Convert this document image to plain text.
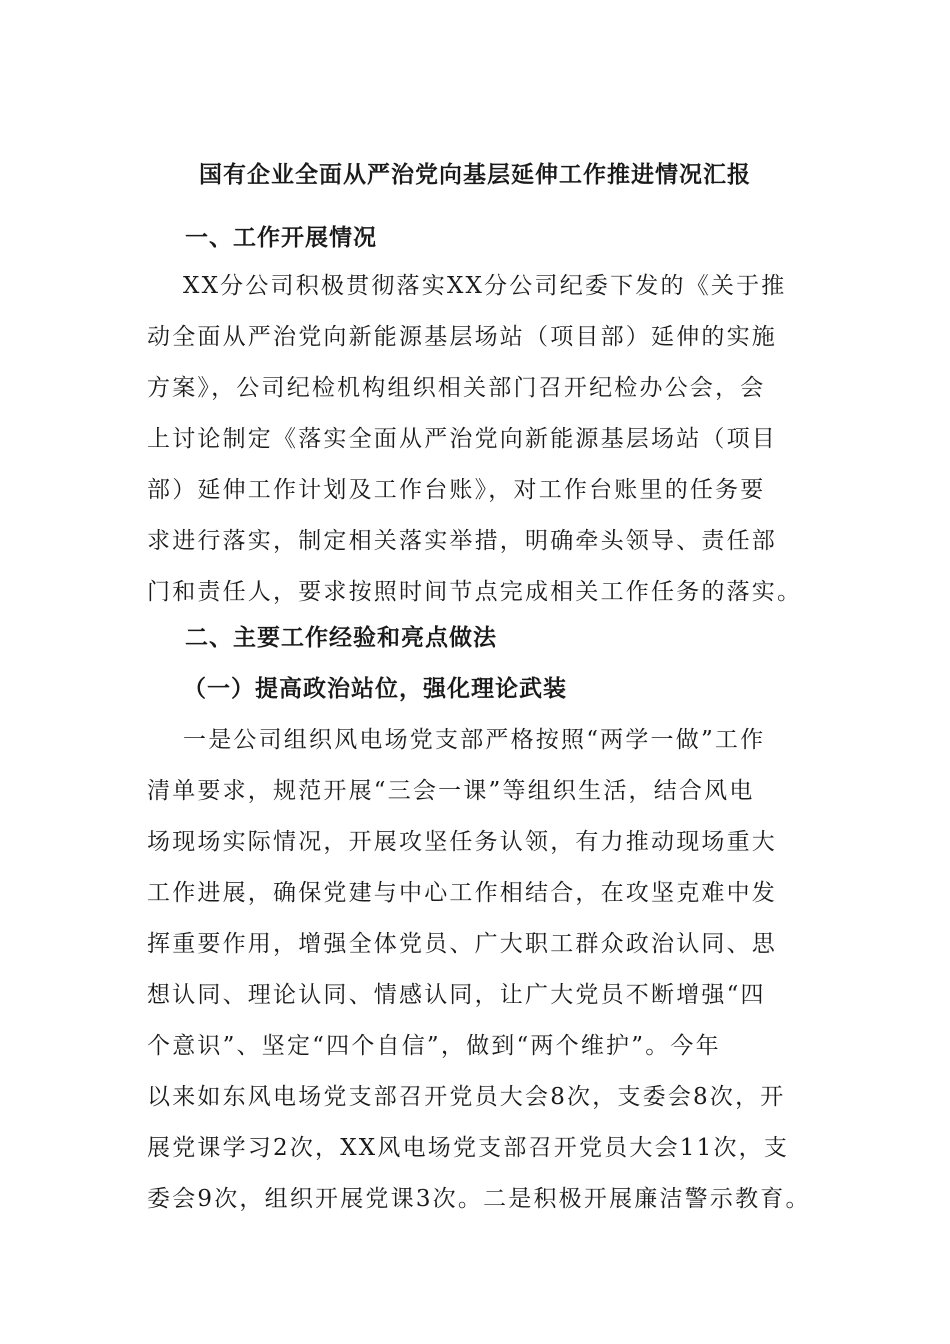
国有企业全面从严治党向基层延伸工作推进情况汇报
一、工作开展情况
XX分公司积极贯彻落实XX分公司纪委下发的《关于推
动全面从严治党向新能源基层场站（项目部）延伸的实施
方案》，公司纪检机构组织相关部门召开纪检办公会，会
上讨论制定《落实全面从严治党向新能源基层场站（项目
部）延伸工作计划及工作台账》，对工作台账里的任务要
求进行落实，制定相关落实举措，明确牵头领导、责任部
门和责任人，要求按照时间节点完成相关工作任务的落实。
二、主要工作经验和亮点做法
（一）提高政治站位，强化理论武装
一是公司组织风电场党支部严格按照“两学一做”工作
清单要求，规范开展“三会一课”等组织生活，结合风电
场现场实际情况，开展攻坚任务认领，有力推动现场重大
工作进展，确保党建与中心工作相结合，在攻坚克难中发
挥重要作用，增强全体党员、广大职工群众政治认同、思
想认同、理论认同、情感认同，让广大党员不断增强“四
个意识”、坚定“四个自信”，做到“两个维护”。今年
以来如东风电场党支部召开党员大会8次，支委会8次，开
展党课学习2次，XX风电场党支部召开党员大会11次，支
委会9次，组织开展党课3次。二是积极开展廉洁警示教育。
